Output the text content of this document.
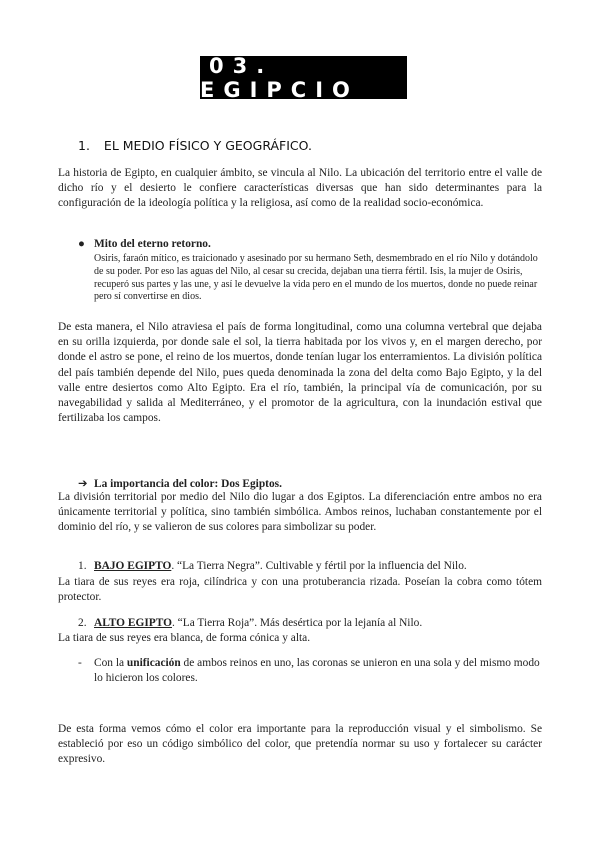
03. EGIPCIO
1. EL MEDIO FÍSICO Y GEOGRÁFICO.

La historia de Egipto, en cualquier ámbito, se vincula al Nilo. La ubicación del territorio entre el valle de dicho río y el desierto le confiere características diversas que han sido determinantes para la configuración de la ideología política y la religiosa, así como de la realidad socio-económica.

● Mito del eterno retorno.

Osiris, faraón mítico, es traicionado y asesinado por su hermano Seth, desmembrado en el río Nilo y dotándolo de su poder. Por eso las aguas del Nilo, al cesar su crecida, dejaban una tierra fértil. Isis, la mujer de Osiris, recuperó sus partes y las une, y así le devuelve la vida pero en el mundo de los muertos, donde no puede reinar pero sí convertirse en dios.

De esta manera, el Nilo atraviesa el país de forma longitudinal, como una columna vertebral que dejaba en su orilla izquierda, por donde sale el sol, la tierra habitada por los vivos y, en el margen derecho, por donde el astro se pone, el reino de los muertos, donde tenían lugar los enterramientos. La división política del país también depende del Nilo, pues queda denominada la zona del delta como Bajo Egipto, y la del valle entre desiertos como Alto Egipto. Era el río, también, la principal vía de comunicación, por su navegabilidad y salida al Mediterráneo, y el promotor de la agricultura, con la inundación estival que fertilizaba los campos.

➔ La importancia del color: Dos Egiptos.

La división territorial por medio del Nilo dio lugar a dos Egiptos. La diferenciación entre ambos no era únicamente territorial y política, sino también simbólica. Ambos reinos, luchaban constantemente por el dominio del río, y se valieron de sus colores para simbolizar su poder.

1. BAJO EGIPTO. “La Tierra Negra”. Cultivable y fértil por la influencia del Nilo.

La tiara de sus reyes era roja, cilíndrica y con una protuberancia rizada. Poseían la cobra como tótem protector.

2. ALTO EGIPTO. “La Tierra Roja”. Más desértica por la lejanía al Nilo.

La tiara de sus reyes era blanca, de forma cónica y alta.

-	Con la unificación de ambos reinos en uno, las coronas se unieron en una sola y del mismo modo lo hicieron los colores.

De esta forma vemos cómo el color era importante para la reproducción visual y el simbolismo. Se estableció por eso un código simbólico del color, que pretendía normar su uso y fortalecer su carácter expresivo.
